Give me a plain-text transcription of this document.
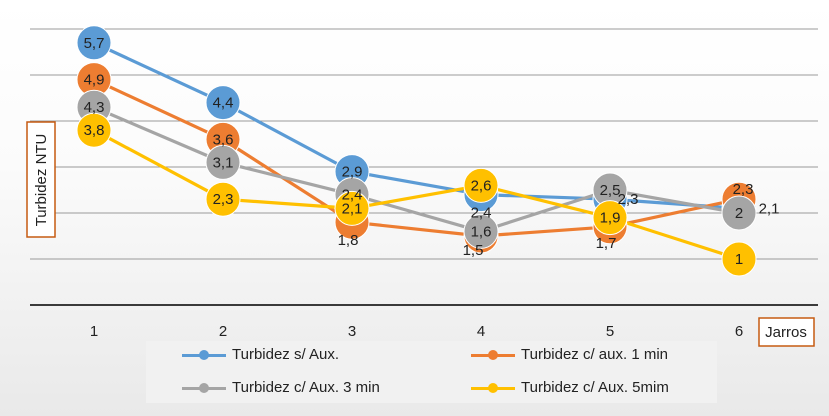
1	2	3	4	5	6
5,7
4,4
2,9
2,4
2,3
2,1
4,9
3,6
1,8
1,5	1,7
2,3
4,3
3,1
2,4
1,6
2,5
2
3,8
2,3
2,1
2,6
1,9
1
Turbidez NTU
Jarros
Turbidez s/ Aux.	Turbidez c/ aux. 1 min
Turbidez c/ Aux. 3 min	Turbidez c/ Aux. 5mim
